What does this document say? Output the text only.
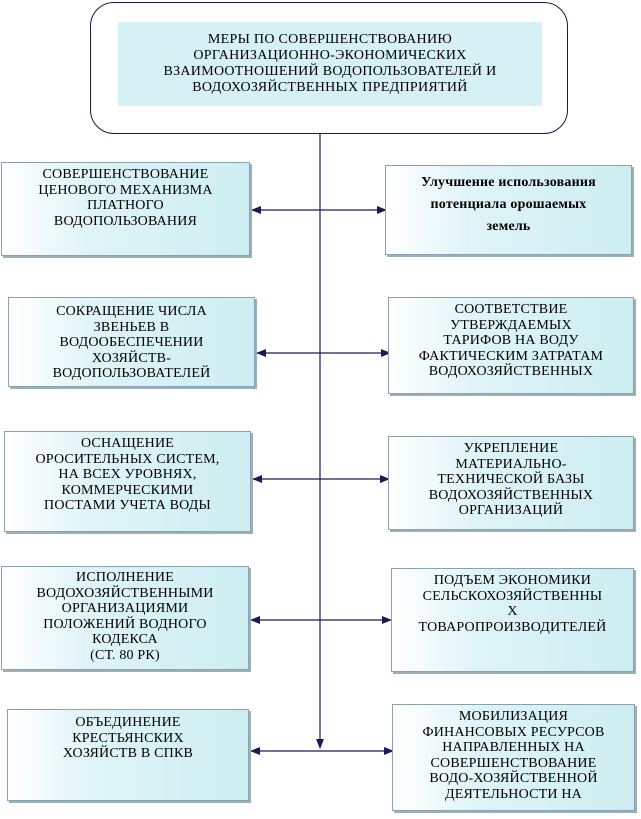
МЕРЫ ПО СОВЕРШЕНСТВОВАНИЮ
ОРГАНИЗАЦИОННО-ЭКОНОМИЧЕСКИХ
ВЗАИМООТНОШЕНИЙ ВОДОПОЛЬЗОВАТЕЛЕЙ И
ВОДОХОЗЯЙСТВЕННЫХ ПРЕДПРИЯТИЙ
СОВЕРШЕНСТВОВАНИЕ
ЦЕНОВОГО МЕХАНИЗМА
ПЛАТНОГО
ВОДОПОЛЬЗОВАНИЯ
СОКРАЩЕНИЕ ЧИСЛА
ЗВЕНЬЕВ В
ВОДООБЕСПЕЧЕНИИ
ХОЗЯЙСТВ-
ВОДОПОЛЬЗОВАТЕЛЕЙ
ОСНАЩЕНИЕ
ОРОСИТЕЛЬНЫХ СИСТЕМ,
НА ВСЕХ УРОВНЯХ,
КОММЕРЧЕСКИМИ
ПОСТАМИ УЧЕТА ВОДЫ
ИСПОЛНЕНИЕ
ВОДОХОЗЯЙСТВЕННЫМИ
ОРГАНИЗАЦИЯМИ
ПОЛОЖЕНИЙ ВОДНОГО
КОДЕКСА
(СТ. 80 РК)
ОБЪЕДИНЕНИЕ
КРЕСТЬЯНСКИХ
ХОЗЯЙСТВ В СПКВ
Улучшение использования
потенциала орошаемых
земель
СООТВЕТСТВИЕ
УТВЕРЖДАЕМЫХ
ТАРИФОВ НА ВОДУ
ФАКТИЧЕСКИМ ЗАТРАТАМ
ВОДОХОЗЯЙСТВЕННЫХ
УКРЕПЛЕНИЕ
МАТЕРИАЛЬНО-
ТЕХНИЧЕСКОЙ БАЗЫ
ВОДОХОЗЯЙСТВЕННЫХ
ОРГАНИЗАЦИЙ
ПОДЪЕМ ЭКОНОМИКИ
СЕЛЬСКОХОЗЯЙСТВЕННЫ
Х
ТОВАРОПРОИЗВОДИТЕЛЕЙ
МОБИЛИЗАЦИЯ
ФИНАНСОВЫХ РЕСУРСОВ
НАПРАВЛЕННЫХ НА
СОВЕРШЕНСТВОВАНИЕ
ВОДО-ХОЗЯЙСТВЕННОЙ
ДЕЯТЕЛЬНОСТИ НА
